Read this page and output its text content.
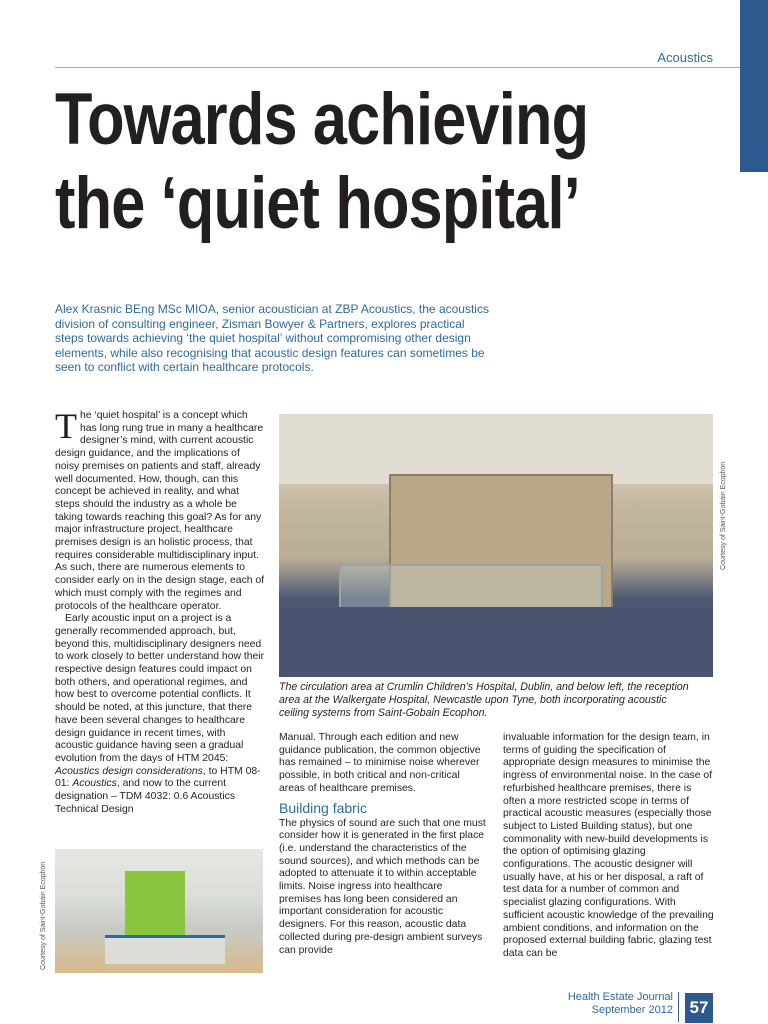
Acoustics
Towards achieving
the ‘quiet hospital’

Alex Krasnic BEng MSc MIOA, senior acoustician at ZBP Acoustics, the acoustics division of consulting engineer, Zisman Bowyer & Partners, explores practical steps towards achieving ‘the quiet hospital’ without compromising other design elements, while also recognising that acoustic design features can sometimes be seen to conflict with certain healthcare protocols.

The ‘quiet hospital’ is a concept which has long rung true in many a healthcare designer’s mind, with current acoustic design guidance, and the implications of noisy premises on patients and staff, already well documented. How, though, can this concept be achieved in reality, and what steps should the industry as a whole be taking towards reaching this goal? As for any major infrastructure project, healthcare premises design is an holistic process, that requires considerable multidisciplinary input. As such, there are numerous elements to consider early on in the design stage, each of which must comply with the regimes and protocols of the healthcare operator.

Early acoustic input on a project is a generally recommended approach, but, beyond this, multidisciplinary designers need to work closely to better understand how their respective design features could impact on both others, and operational regimes, and how best to overcome potential conflicts. It should be noted, at this juncture, that there have been several changes to healthcare design guidance in recent times, with acoustic guidance having seen a gradual evolution from the days of HTM 2045: Acoustics design considerations, to HTM 08-01: Acoustics, and now to the current designation – TDM 4032: 0.6 Acoustics Technical Design

Courtesy of Saint-Gobain Ecophon

The circulation area at Crumlin Children’s Hospital, Dublin, and below left, the reception area at the Walkergate Hospital, Newcastle upon Tyne, both incorporating acoustic ceiling systems from Saint-Gobain Ecophon.

Manual. Through each edition and new guidance publication, the common objective has remained – to minimise noise wherever possible, in both critical and non-critical areas of healthcare premises.

Building fabric

The physics of sound are such that one must consider how it is generated in the first place (i.e. understand the characteristics of the sound sources), and which methods can be adopted to attenuate it to within acceptable limits. Noise ingress into healthcare premises has long been considered an important consideration for acoustic designers. For this reason, acoustic data collected during pre-design ambient surveys can provide

invaluable information for the design team, in terms of guiding the specification of appropriate design measures to minimise the ingress of environmental noise. In the case of refurbished healthcare premises, there is often a more restricted scope in terms of practical acoustic measures (especially those subject to Listed Building status), but one commonality with new-build developments is the option of optimising glazing configurations. The acoustic designer will usually have, at his or her disposal, a raft of test data for a number of common and specialist glazing configurations. With sufficient acoustic knowledge of the prevailing ambient conditions, and information on the proposed external building fabric, glazing test data can be

Courtesy of Saint-Gobain Ecophon
Health Estate Journal
September 2012 57
